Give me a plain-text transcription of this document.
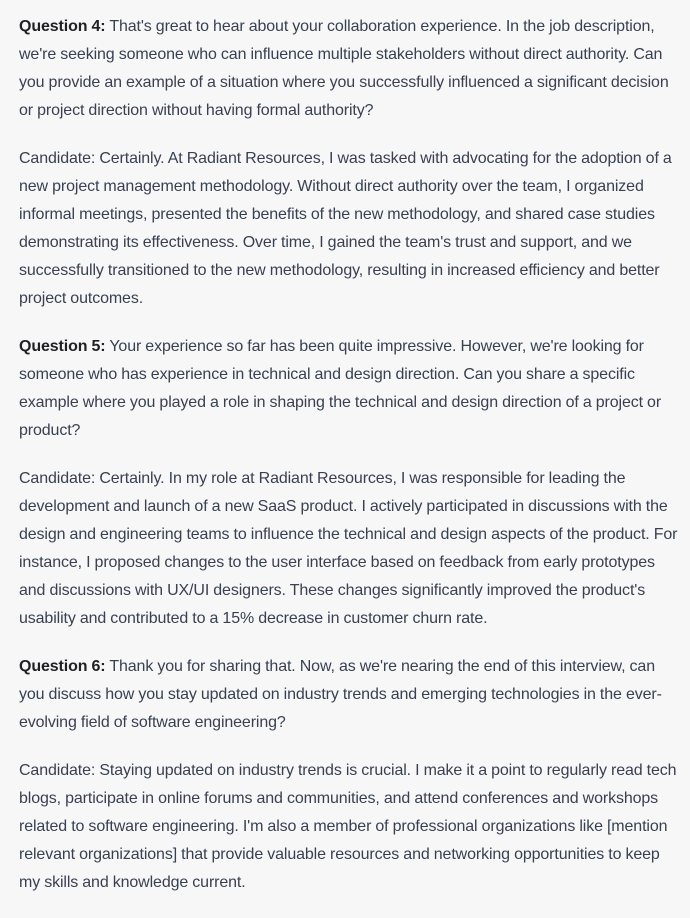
Question 4: That's great to hear about your collaboration experience. In the job description, we're seeking someone who can influence multiple stakeholders without direct authority. Can you provide an example of a situation where you successfully influenced a significant decision or project direction without having formal authority?

Candidate: Certainly. At Radiant Resources, I was tasked with advocating for the adoption of a new project management methodology. Without direct authority over the team, I organized informal meetings, presented the benefits of the new methodology, and shared case studies demonstrating its effectiveness. Over time, I gained the team's trust and support, and we successfully transitioned to the new methodology, resulting in increased efficiency and better project outcomes.

Question 5: Your experience so far has been quite impressive. However, we're looking for someone who has experience in technical and design direction. Can you share a specific example where you played a role in shaping the technical and design direction of a project or product?

Candidate: Certainly. In my role at Radiant Resources, I was responsible for leading the development and launch of a new SaaS product. I actively participated in discussions with the design and engineering teams to influence the technical and design aspects of the product. For instance, I proposed changes to the user interface based on feedback from early prototypes and discussions with UX/UI designers. These changes significantly improved the product's usability and contributed to a 15% decrease in customer churn rate.

Question 6: Thank you for sharing that. Now, as we're nearing the end of this interview, can you discuss how you stay updated on industry trends and emerging technologies in the ever-evolving field of software engineering?

Candidate: Staying updated on industry trends is crucial. I make it a point to regularly read tech blogs, participate in online forums and communities, and attend conferences and workshops related to software engineering. I'm also a member of professional organizations like [mention relevant organizations] that provide valuable resources and networking opportunities to keep my skills and knowledge current.
